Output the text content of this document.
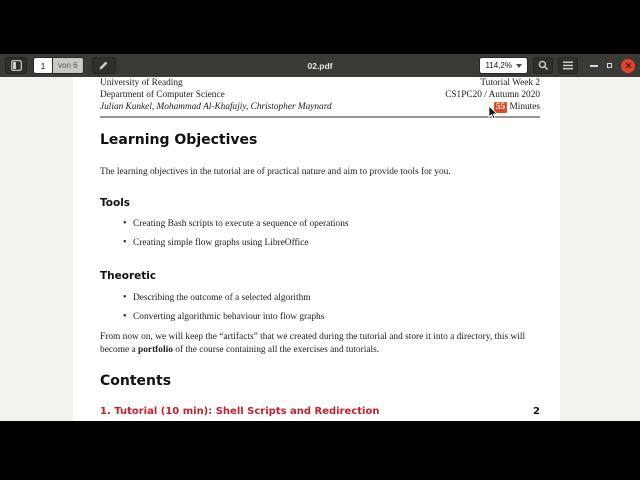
1	von 6	02.pdf	114,2%
University of Reading
Department of Computer Science
Julian Kunkel, Mohammad Al-Khafajiy, Christopher Maynard
Tutorial Week 2
CS1PC20 / Autumn 2020
55 Minutes
Learning Objectives
The learning objectives in the tutorial are of practical nature and aim to provide tools for you.
Tools
• Creating Bash scripts to execute a sequence of operations
• Creating simple flow graphs using LibreOffice
Theoretic
• Describing the outcome of a selected algorithm
• Converting algorithmic behaviour into flow graphs
From now on, we will keep the “artifacts” that we created during the tutorial and store it into a directory, this will become a portfolio of the course containing all the exercises and tutorials.
Contents
1. Tutorial (10 min): Shell Scripts and Redirection	2
